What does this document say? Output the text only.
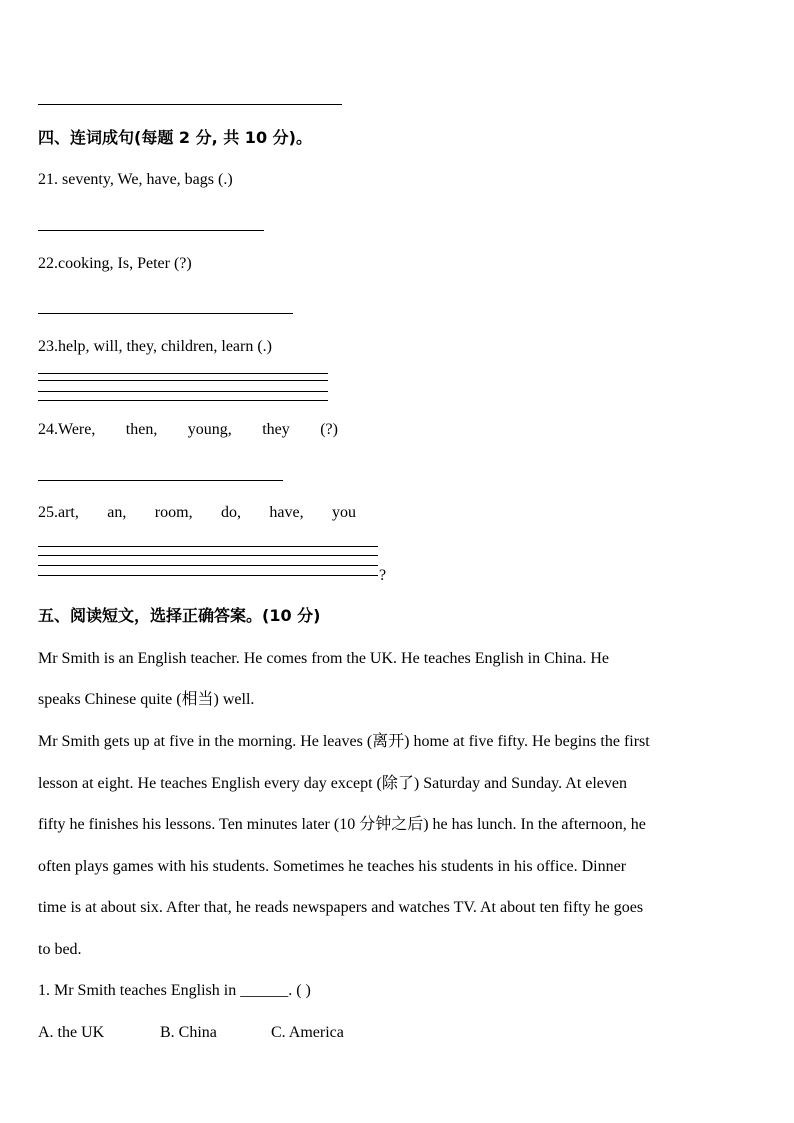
四、连词成句(每题 2 分, 共 10 分)。
21. seventy, We, have, bags (.)
22.cooking, Is, Peter (?)
23.help, will, they, children, learn (.)
24.Were, then, young, they (?)
25.art, an, room, do, have, you
?
五、阅读短文，选择正确答案。(10 分)
Mr Smith is an English teacher. He comes from the UK. He teaches English in China. He
speaks Chinese quite (相当) well.
Mr Smith gets up at five in the morning. He leaves (离开) home at five fifty. He begins the first
lesson at eight. He teaches English every day except (除了) Saturday and Sunday. At eleven
fifty he finishes his lessons. Ten minutes later (10 分钟之后) he has lunch. In the afternoon, he
often plays games with his students. Sometimes he teaches his students in his office. Dinner
time is at about six. After that, he reads newspapers and watches TV. At about ten fifty he goes
to bed.
1. Mr Smith teaches English in ______. ( )
A. the UK	B. China	C. America
